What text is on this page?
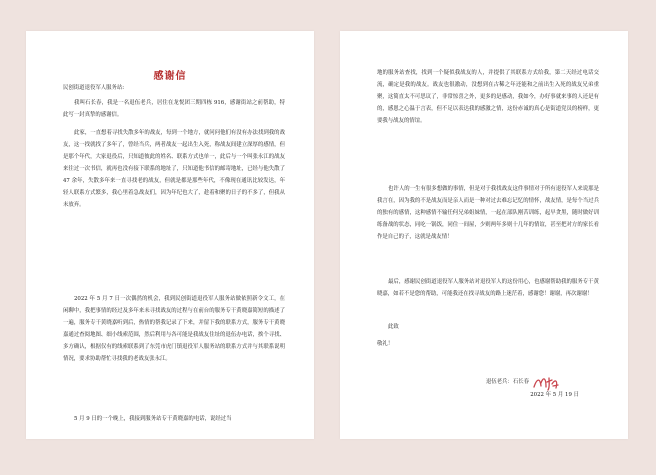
感谢信
民创街道退役军人服务站:
我叫石长春，我是一名退伍老兵，居住在龙悦团三期四栋 916，感谢街站之前帮助，特此写一封真挚的感谢信。
此家，一直想着寻找失散多年的战友，每到一个地方，就问问他们有没有办法找到我的战友，这一找就找了多年了，曾经当兵，两者战友一起出生入死，称战友间建立深厚的感情，但是那个年代，大家退役后，只知道彼此的姓名、联系方式也单一，此后与一个叫张永江的战友来往过一次书信，就再也没有接下联系的地址了，只知道他书信的邮寄地址，已经与他失散了 47 余年，失散多年来一直寻找老的战友，但就是都是那些年代，不像现在通讯比较发达，年轻人联系方式繁多，我心里着急战友们，因为年纪也大了，趁着和聚的日子的不多了，但我从未放弃。
2022 年 5 月 7 日一次偶然的机会，我到民创街道退役军人服务站做依照新令文工，在闲聊中，我把事情的经过及多年来未寻找战友的过程与在前台的服务专干黄晓嘉简短的描述了一遍，服务专干黄晓嘉听到后，热情的帮我记录了下来，并留下我的联系方式，服务专干黄晓嘉通过查阅地图、细小线索范围，然后利用与各可能是我战友住址的退伍办电话，挨个寻找、多方确认，根据仅有的线索联系到了东莞市虎门镇退役军人服务站的联系方式并与其联系说明情况，要求协助帮忙寻找我的老战友张永江。
5 月 9 日的一个晚上，我接到服务站专干黄晓嘉的电话，说经过当
地的服务站查找，找到一个疑似我战友的人，并提供了其联系方式给我，第二天经过电话交流，确定是我的战友。战友也很激动，没想到在古稀之年还能和之前出生入死的战友兄弟重聚，这简直太不可思议了，非常惊喜之外，更多的是感动，我如今，办好事就来事的人还是有的，感恩之心温于言表，但不足以表达我的感激之情，这份赤诚的真心是街道党员的榜样，更要我与战友的情谊。
也许人的一生有很多想做的事情，但是对于我找战友这件事情对于所有退役军人来说那是我言在，因为我的不是战友而是亲人而是一种对过去难忘记忆的情怀，战友情，是每个当过兵的独有的感情，这种感情不输任何兄弟姐妹情，一起在部队刚苦训练，起早贪黑，随时做好训练备战的状态，同吃一锅饭，同住一间屋，少则两年多则十几年的情谊，甚至把对方的家长看作是自己的子，这就是战友情！
最后，感谢民创街道退役军人服务站对退役军人的这份用心，也感谢帮助我的服务专干黄晓嘉，如若不是您的帮助，可能我还在找寻战友的路上迷茫着，感谢您！谢谢，再次谢谢！
此致
敬礼！
退伍老兵：石长春
2022 年 5 月 19 日
